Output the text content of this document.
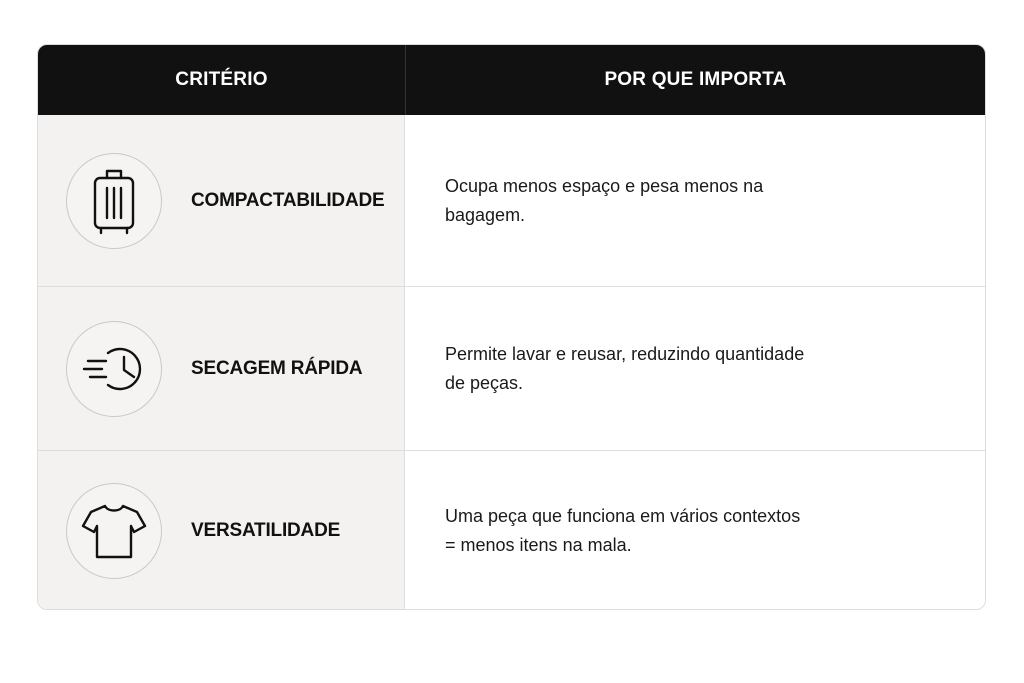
CRITÉRIO	POR QUE IMPORTA
COMPACTABILIDADE
Ocupa menos espaço e pesa menos na bagagem.
SECAGEM RÁPIDA
Permite lavar e reusar, reduzindo quantidade de peças.
VERSATILIDADE
Uma peça que funciona em vários contextos = menos itens na mala.
